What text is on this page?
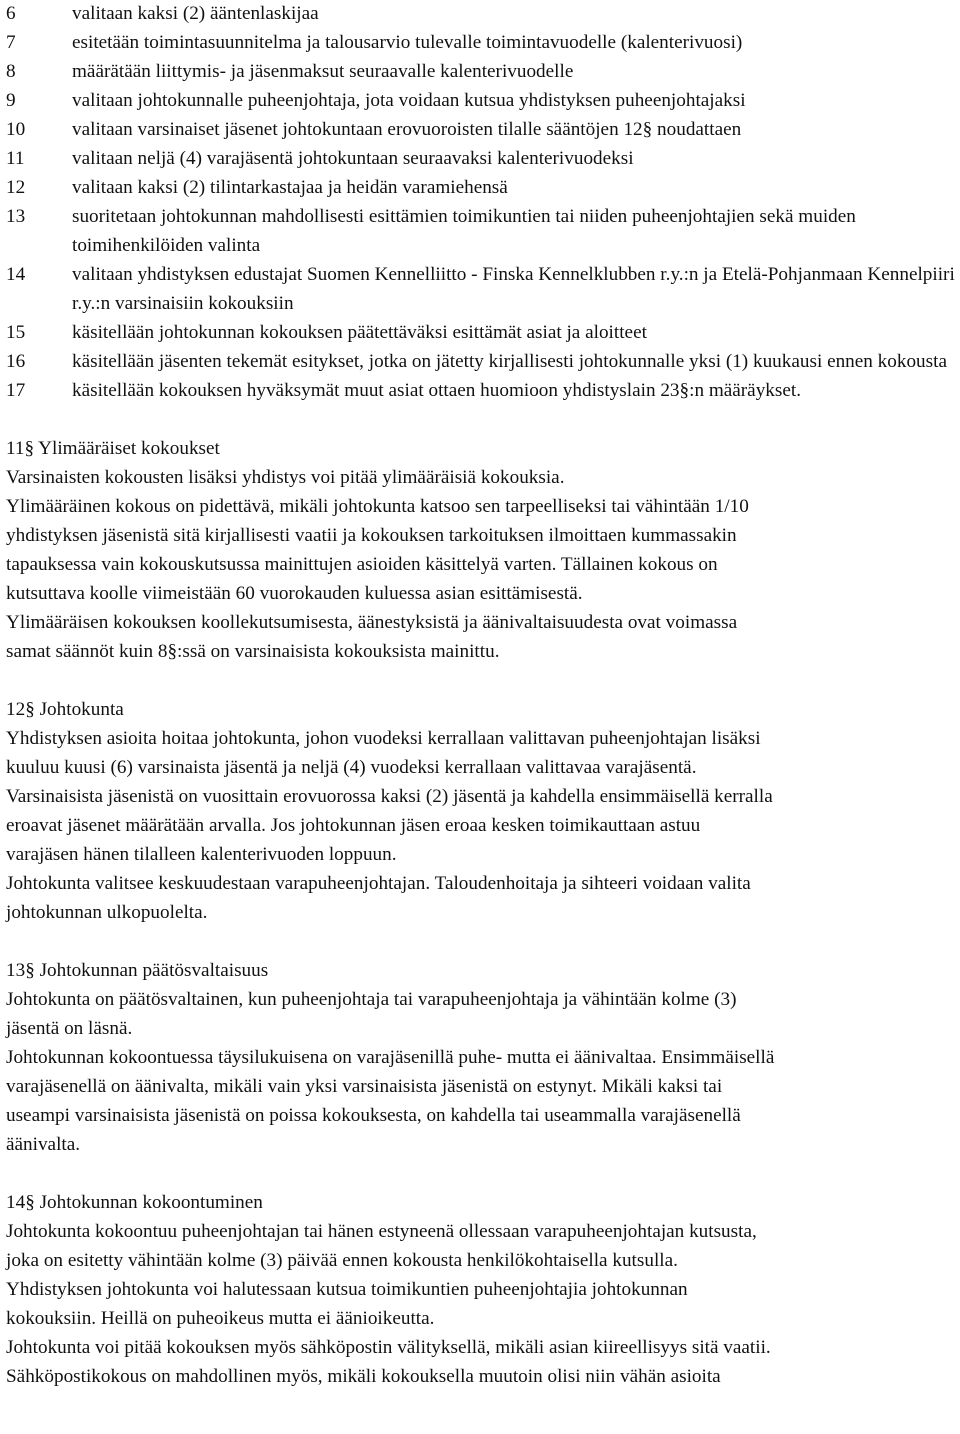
6	valitaan kaksi (2) ääntenlaskijaa
7	esitetään toimintasuunnitelma ja talousarvio tulevalle toimintavuodelle (kalenterivuosi)
8	määrätään liittymis- ja jäsenmaksut seuraavalle kalenterivuodelle
9	valitaan johtokunnalle puheenjohtaja, jota voidaan kutsua yhdistyksen puheenjohtajaksi
10	valitaan varsinaiset jäsenet johtokuntaan erovuoroisten tilalle sääntöjen 12§ noudattaen
11	valitaan neljä (4) varajäsentä johtokuntaan seuraavaksi kalenterivuodeksi
12	valitaan kaksi (2) tilintarkastajaa ja heidän varamiehensä
13	suoritetaan johtokunnan mahdollisesti esittämien toimikuntien tai niiden puheenjohtajien sekä muiden toimihenkilöiden valinta
14	valitaan yhdistyksen edustajat Suomen Kennelliitto - Finska Kennelklubben r.y.:n ja Etelä-Pohjanmaan Kennelpiiri r.y.:n varsinaisiin kokouksiin
15	käsitellään johtokunnan kokouksen päätettäväksi esittämät asiat ja aloitteet
16	käsitellään jäsenten tekemät esitykset, jotka on jätetty kirjallisesti johtokunnalle yksi (1) kuukausi ennen kokousta
17	käsitellään kokouksen hyväksymät muut asiat ottaen huomioon yhdistyslain 23§:n määräykset.
11§ Ylimääräiset kokoukset
Varsinaisten kokousten lisäksi yhdistys voi pitää ylimääräisiä kokouksia.
Ylimääräinen kokous on pidettävä, mikäli johtokunta katsoo sen tarpeelliseksi tai vähintään 1/10
yhdistyksen jäsenistä sitä kirjallisesti vaatii ja kokouksen tarkoituksen ilmoittaen kummassakin
tapauksessa vain kokouskutsussa mainittujen asioiden käsittelyä varten. Tällainen kokous on
kutsuttava koolle viimeistään 60 vuorokauden kuluessa asian esittämisestä.
Ylimääräisen kokouksen koollekutsumisesta, äänestyksistä ja äänivaltaisuudesta ovat voimassa
samat säännöt kuin 8§:ssä on varsinaisista kokouksista mainittu.
12§ Johtokunta
Yhdistyksen asioita hoitaa johtokunta, johon vuodeksi kerrallaan valittavan puheenjohtajan lisäksi
kuuluu kuusi (6) varsinaista jäsentä ja neljä (4) vuodeksi kerrallaan valittavaa varajäsentä.
Varsinaisista jäsenistä on vuosittain erovuorossa kaksi (2) jäsentä ja kahdella ensimmäisellä kerralla
eroavat jäsenet määrätään arvalla. Jos johtokunnan jäsen eroaa kesken toimikauttaan astuu
varajäsen hänen tilalleen kalenterivuoden loppuun.
Johtokunta valitsee keskuudestaan varapuheenjohtajan. Taloudenhoitaja ja sihteeri voidaan valita
johtokunnan ulkopuolelta.
13§ Johtokunnan päätösvaltaisuus
Johtokunta on päätösvaltainen, kun puheenjohtaja tai varapuheenjohtaja ja vähintään kolme (3)
jäsentä on läsnä.
Johtokunnan kokoontuessa täysilukuisena on varajäsenillä puhe- mutta ei äänivaltaa. Ensimmäisellä
varajäsenellä on äänivalta, mikäli vain yksi varsinaisista jäsenistä on estynyt. Mikäli kaksi tai
useampi varsinaisista jäsenistä on poissa kokouksesta, on kahdella tai useammalla varajäsenellä
äänivalta.
14§ Johtokunnan kokoontuminen
Johtokunta kokoontuu puheenjohtajan tai hänen estyneenä ollessaan varapuheenjohtajan kutsusta,
joka on esitetty vähintään kolme (3) päivää ennen kokousta henkilökohtaisella kutsulla.
Yhdistyksen johtokunta voi halutessaan kutsua toimikuntien puheenjohtajia johtokunnan
kokouksiin. Heillä on puheoikeus mutta ei äänioikeutta.
Johtokunta voi pitää kokouksen myös sähköpostin välityksellä, mikäli asian kiireellisyys sitä vaatii.
Sähköpostikokous on mahdollinen myös, mikäli kokouksella muutoin olisi niin vähän asioita
